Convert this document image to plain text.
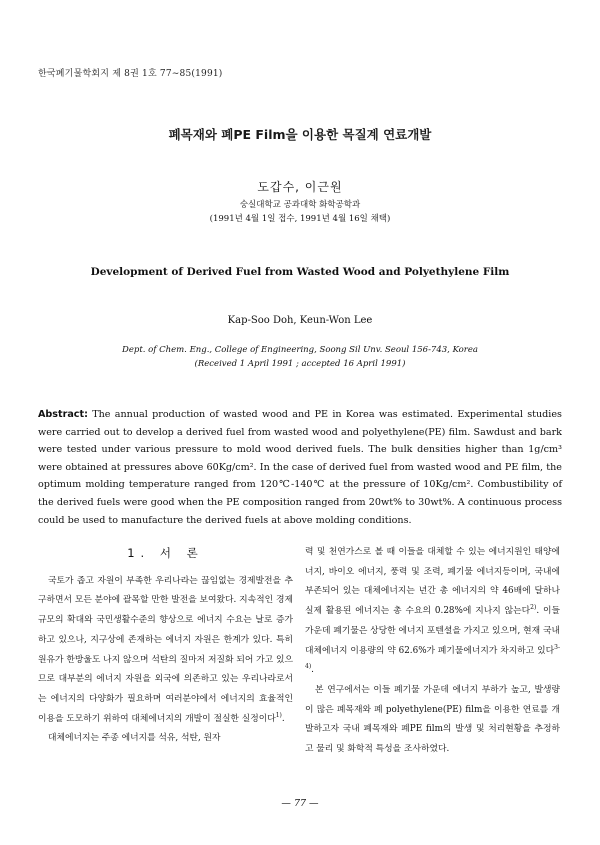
한국폐기물학회지 제 8권 1호 77∼85(1991)
폐목재와 폐PE Film을 이용한 목질계 연료개발
도갑수, 이근원
숭실대학교 공과대학 화학공학과
(1991년 4월 1일 접수, 1991년 4월 16일 채택)
Development of Derived Fuel from Wasted Wood and Polyethylene Film
Kap-Soo Doh, Keun-Won Lee
Dept. of Chem. Eng., College of Engineering, Soong Sil Unv. Seoul 156-743, Korea
(Received 1 April 1991 ; accepted 16 April 1991)
Abstract: The annual production of wasted wood and PE in Korea was estimated. Experimental studies were carried out to develop a derived fuel from wasted wood and polyethylene(PE) film. Sawdust and bark were tested under various pressure to mold wood derived fuels. The bulk densities higher than 1g/cm³ were obtained at pressures above 60Kg/cm². In the case of derived fuel from wasted wood and PE film, the optimum molding temperature ranged from 120℃-140℃ at the pressure of 10Kg/cm². Combustibility of the derived fuels were good when the PE composition ranged from 20wt% to 30wt%. A continuous process could be used to manufacture the derived fuels at above molding conditions.
1. 서 론

국토가 좁고 자원이 부족한 우리나라는 끊임없는 경제발전을 추구하면서 모든 분야에 괄목할 만한 발전을 보여왔다. 지속적인 경제규모의 확대와 국민생활수준의 향상으로 에너지 수요는 날로 증가하고 있으나, 지구상에 존재하는 에너지 자원은 한계가 있다. 특히 원유가 한방울도 나지 않으며 석탄의 질마저 저질화 되어 가고 있으므로 대부분의 에너지 자원을 외국에 의존하고 있는 우리나라로서는 에너지의 다양화가 필요하며 여러분야에서 에너지의 효율적인 이용을 도모하기 위하여 대체에너지의 개발이 절실한 실정이다$^{1)}$.

대체에너지는 주종 에너지를 석유, 석탄, 원자

력 및 천연가스로 볼 때 이들을 대체할 수 있는 에너지원인 태양에너지, 바이오 에너지, 풍력 및 조력, 폐기물 에너지등이며, 국내에 부존되어 있는 대체에너지는 년간 총 에너지의 약 46배에 달하나 실제 활용된 에너지는 총 수요의 0.28%에 지나지 않는다$^{2)}$. 이들 가운데 폐기물은 상당한 에너지 포텐셜을 가지고 있으며, 현재 국내 대체에너지 이용량의 약 62.6%가 폐기물에너지가 차지하고 있다$^{3-4)}$.

본 연구에서는 이들 폐기물 가운데 에너지 부하가 높고, 발생량이 많은 폐목재와 폐 polyethylene(PE) film을 이용한 연료를 개발하고자 국내 폐목재와 폐PE film의 발생 및 처리현황을 추정하고 물리 및 화학적 특성을 조사하였다.

— 77 —
